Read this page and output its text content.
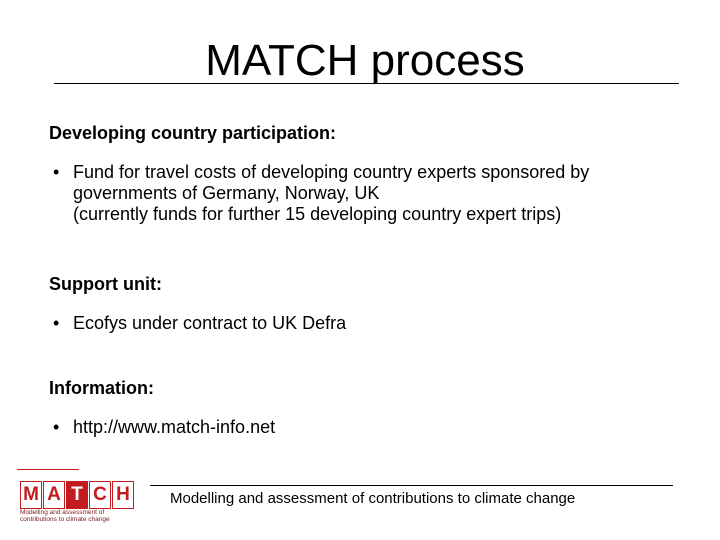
MATCH process

Developing country participation:

• Fund for travel costs of developing country experts sponsored by
governments of Germany, Norway, UK
(currently funds for further 15 developing country expert trips)

Support unit:

• Ecofys under contract to UK Defra

Information:

• http://www.match-info.net
M A T C H
Modelling and assessment of
contributions to climate change
Modelling and assessment of contributions to climate change
